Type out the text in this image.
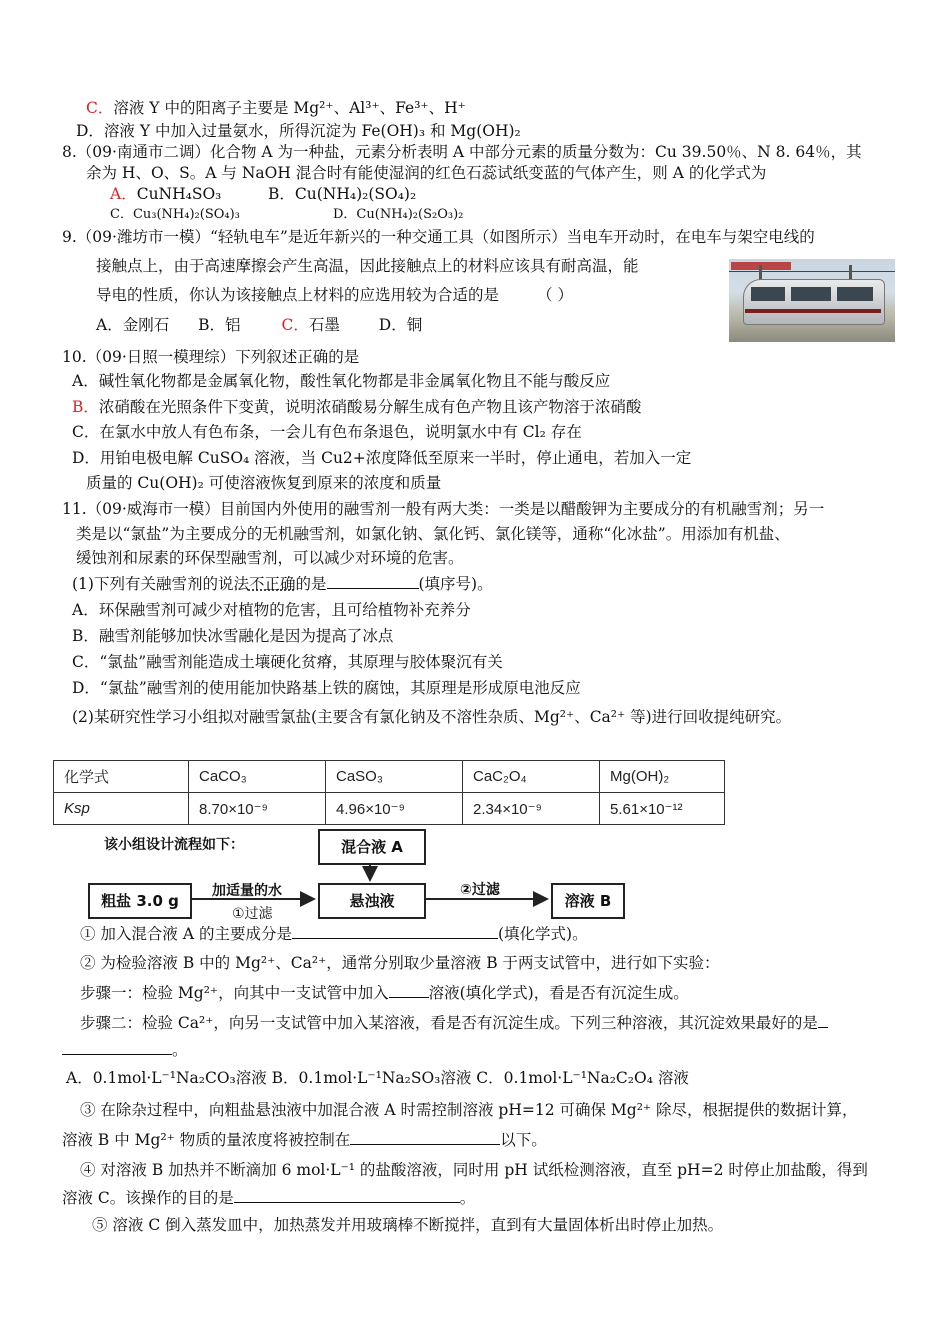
C．溶液 Y 中的阳离子主要是 Mg²⁺、Al³⁺、Fe³⁺、H⁺
D．溶液 Y 中加入过量氨水，所得沉淀为 Fe(OH)₃ 和 Mg(OH)₂
8.（09·南通市二调）化合物 A 为一种盐，元素分析表明 A 中部分元素的质量分数为：Cu 39.50％、N 8. 64％，其
余为 H、O、S。A 与 NaOH 混合时有能使湿润的红色石蕊试纸变蓝的气体产生，则 A 的化学式为
A．CuNH₄SO₃	B．Cu(NH₄)₂(SO₄)₂
C．Cu₃(NH₄)₂(SO₄)₃	D．Cu(NH₄)₂(S₂O₃)₂
9.（09·潍坊市一模）“轻轨电车”是近年新兴的一种交通工具（如图所示）当电车开动时，在电车与架空电线的
接触点上，由于高速摩擦会产生高温，因此接触点上的材料应该具有耐高温，能
导电的性质，你认为该接触点上材料的应选用较为合适的是 （ ）
A．金刚石 B．铝	C．石墨	D．铜
10.（09·日照一模理综）下列叙述正确的是
A．碱性氧化物都是金属氧化物，酸性氧化物都是非金属氧化物且不能与酸反应
B．浓硝酸在光照条件下变黄，说明浓硝酸易分解生成有色产物且该产物溶于浓硝酸
C．在氯水中放人有色布条，一会儿有色布条退色，说明氯水中有 Cl₂ 存在
D．用铂电极电解 CuSO₄ 溶液，当 Cu2+浓度降低至原来一半时，停止通电，若加入一定
质量的 Cu(OH)₂ 可使溶液恢复到原来的浓度和质量
11.（09·威海市一模）目前国内外使用的融雪剂一般有两大类：一类是以醋酸钾为主要成分的有机融雪剂；另一
类是以“氯盐”为主要成分的无机融雪剂，如氯化钠、氯化钙、氯化镁等，通称“化冰盐”。用添加有机盐、
缓蚀剂和尿素的环保型融雪剂，可以减少对环境的危害。
(1)下列有关融雪剂的说法不正确的是	(填序号)。
A．环保融雪剂可减少对植物的危害，且可给植物补充养分
B．融雪剂能够加快冰雪融化是因为提高了冰点
C．“氯盐”融雪剂能造成土壤硬化贫瘠，其原理与胶体聚沉有关
D．“氯盐”融雪剂的使用能加快路基上铁的腐蚀，其原理是形成原电池反应
(2)某研究性学习小组拟对融雪氯盐(主要含有氯化钠及不溶性杂质、Mg²⁺、Ca²⁺ 等)进行回收提纯研究。
化学式	CaCO₃	CaSO₃	CaC₂O₄	Mg(OH)₂
Ksp	8.70×10⁻⁹	4.96×10⁻⁹	2.34×10⁻⁹	5.61×10⁻¹²
该小组设计流程如下：	混合液 A
粗盐 3.0 g	悬浊液	溶液 B
加适量的水
①过滤
②过滤
① 加入混合液 A 的主要成分是	(填化学式)。
② 为检验溶液 B 中的 Mg²⁺、Ca²⁺，通常分别取少量溶液 B 于两支试管中，进行如下实验：
步骤一：检验 Mg²⁺，向其中一支试管中加入	溶液(填化学式)，看是否有沉淀生成。
步骤二：检验 Ca²⁺，向另一支试管中加入某溶液，看是否有沉淀生成。下列三种溶液，其沉淀效果最好的是
。
A．0.1mol·L⁻¹Na₂CO₃溶液 B．0.1mol·L⁻¹Na₂SO₃溶液 C．0.1mol·L⁻¹Na₂C₂O₄ 溶液
③ 在除杂过程中，向粗盐悬浊液中加混合液 A 时需控制溶液 pH=12 可确保 Mg²⁺ 除尽，根据提供的数据计算，
溶液 B 中 Mg²⁺ 物质的量浓度将被控制在	以下。
④ 对溶液 B 加热并不断滴加 6 mol·L⁻¹ 的盐酸溶液，同时用 pH 试纸检测溶液，直至 pH=2 时停止加盐酸，得到
溶液 C。该操作的目的是	。
⑤ 溶液 C 倒入蒸发皿中，加热蒸发并用玻璃棒不断搅拌，直到有大量固体析出时停止加热。
